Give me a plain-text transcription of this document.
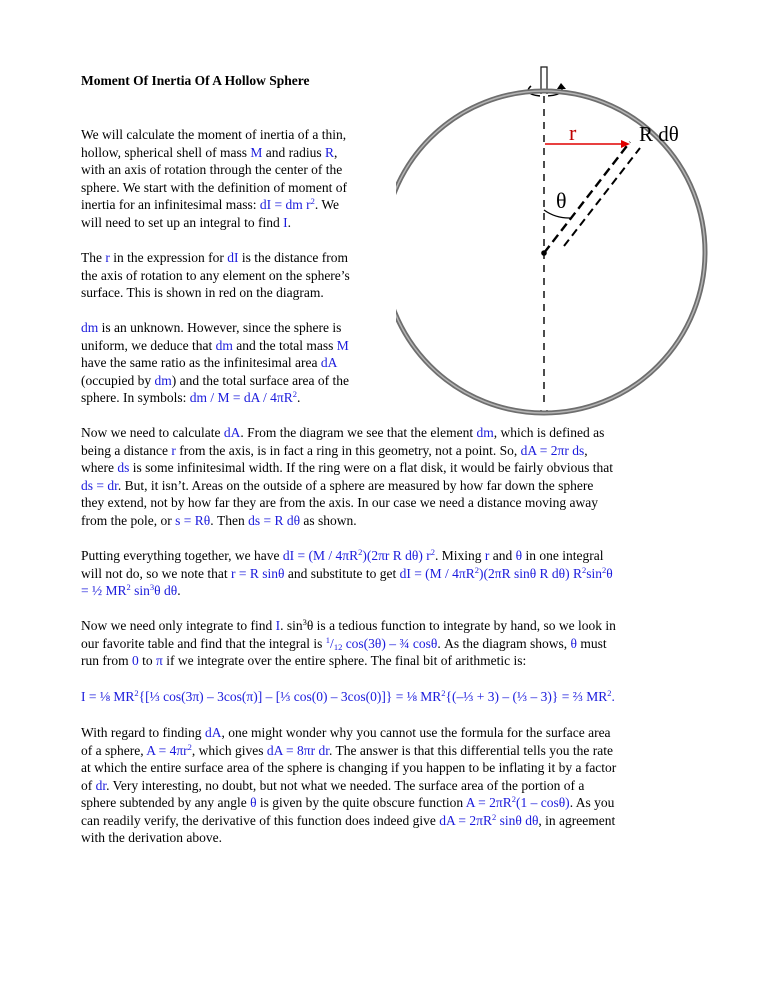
Moment Of Inertia Of A Hollow Sphere
We will calculate the moment of inertia of a thin,
hollow, spherical shell of mass M and radius R,
with an axis of rotation through the center of the
sphere. We start with the definition of moment of
inertia for an infinitesimal mass: dI = dm $r^2$. We
will need to set up an integral to find I.
The r in the expression for dI is the distance from
the axis of rotation to any element on the sphere’s
surface. This is shown in red on the diagram.
dm is an unknown. However, since the sphere is
uniform, we deduce that dm and the total mass M
have the same ratio as the infinitesimal area dA
(occupied by dm) and the total surface area of the
sphere. In symbols: dm / M = dA / $4\pi R^2$.
r	R dθ
θ
Now we need to calculate dA. From the diagram we see that the element dm, which is defined as
being a distance r from the axis, is in fact a ring in this geometry, not a point. So, dA = 2πr ds,
where ds is some infinitesimal width. If the ring were on a flat disk, it would be fairly obvious that
ds = dr. But, it isn’t. Areas on the outside of a sphere are measured by how far down the sphere
they extend, not by how far they are from the axis. In our case we need a distance moving away
from the pole, or s = Rθ. Then ds = R dθ as shown.
Putting everything together, we have dI = $(M / 4\pi R^2)(2\pi r$ R dθ) $r^2$. Mixing r and θ in one integral
will not do, so we note that r = R sinθ and substitute to get dI = $(M / 4\pi R^2)(2\pi R$ sinθ R dθ) $R^2\sin^2\theta$
= ½ $MR^2$ $\sin^3\theta$ dθ.
Now we need only integrate to find I. $\sin^3\theta$ is a tedious function to integrate by hand, so we look in
our favorite table and find that the integral is $^1/_{12}$ cos(3θ) – ¾ cosθ. As the diagram shows, θ must
run from 0 to π if we integrate over the entire sphere. The final bit of arithmetic is:
I = ⅛ $MR^2\{[\frac{1}{3}$ cos(3π) – 3cos(π)] – [⅓ cos(0) – 3cos(0)]} = ⅛ $MR^2\{(-\frac{1}{3} + 3)$ – (⅓ – 3)} = ⅔ $MR^2$.
With regard to finding dA, one might wonder why you cannot use the formula for the surface area
of a sphere, $A = 4\pi r^2$, which gives dA = 8πr dr. The answer is that this differential tells you the rate
at which the entire surface area of the sphere is changing if you happen to be inflating it by a factor
of dr. Very interesting, no doubt, but not what we needed. The surface area of the portion of a
sphere subtended by any angle θ is given by the quite obscure function $A = 2\pi R^2(1 - \cos\theta)$. As you
can readily verify, the derivative of this function does indeed give dA = $2\pi R^2$ sinθ dθ, in agreement
with the derivation above.
